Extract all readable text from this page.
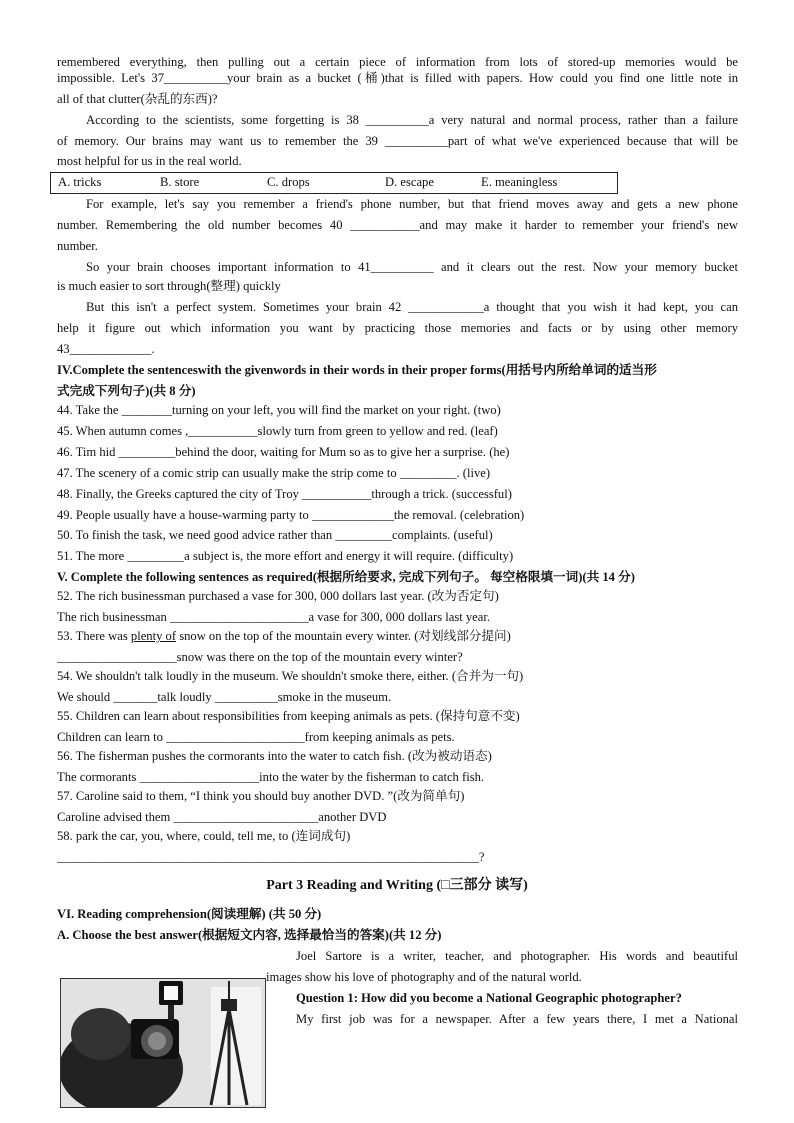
remembered everything, then pulling out a certain piece of information from lots of stored-up memories would be
impossible. Let's 37__________your brain as a bucket (桶)that is filled with papers. How could you find one little note in
all of that clutter(杂乱的东西)?
According to the scientists, some forgetting is 38 __________a very natural and normal process, rather than a failure
of memory. Our brains may want us to remember the 39 __________part of what we've experienced because that will be
most helpful for us in the real world.
A. tricks	B. store	C. drops	D. escape	E. meaningless
For example, let's say you remember a friend's phone number, but that friend moves away and gets a new phone
number. Remembering the old number becomes 40 ___________and may make it harder to remember your friend's new
number.
So your brain chooses important information to 41__________ and it clears out the rest. Now your memory bucket
is much easier to sort through(整理) quickly
But this isn't a perfect system. Sometimes your brain 42 ____________a thought that you wish it had kept, you can
help it figure out which information you want by practicing those memories and facts or by using other memory
43_____________.
IV.Complete the sentenceswith the givenwords in their words in their proper forms(用括号内所给单词的适当形
式完成下列句子)(共 8 分)
44. Take the ________turning on your left, you will find the market on your right. (two)
45. When autumn comes ,___________slowly turn from green to yellow and red. (leaf)
46. Tim hid _________behind the door, waiting for Mum so as to give her a surprise. (he)
47. The scenery of a comic strip can usually make the strip come to _________. (live)
48. Finally, the Greeks captured the city of Troy ___________through a trick. (successful)
49. People usually have a house-warming party to _____________the removal. (celebration)
50. To finish the task, we need good advice rather than _________complaints. (useful)
51. The more _________a subject is, the more effort and energy it will require. (difficulty)
V. Complete the following sentences as required(根据所给要求, 完成下列句子。 每空格限填一词)(共 14 分)
52. The rich businessman purchased a vase for 300, 000 dollars last year. (改为否定句)
The rich businessman ______________________a vase for 300, 000 dollars last year.
53. There was plenty of snow on the top of the mountain every winter. (对划线部分提问)
___________________snow was there on the top of the mountain every winter?
54. We shouldn't talk loudly in the museum. We shouldn't smoke there, either. (合并为一句)
We should _______talk loudly __________smoke in the museum.
55. Children can learn about responsibilities from keeping animals as pets. (保持句意不变)
Children can learn to ______________________from keeping animals as pets.
56. The fisherman pushes the cormorants into the water to catch fish. (改为被动语态)
The cormorants ___________________into the water by the fisherman to catch fish.
57. Caroline said to them, “I think you should buy another DVD. ”(改为简单句)
Caroline advised them _______________________another DVD
58. park the car, you, where, could, tell me, to (连词成句)
___________________________________________________________________?
Part 3 Reading and Writing (□三部分 读写)
VI. Reading comprehension(阅读理解) (共 50 分)
A. Choose the best answer(根据短文内容, 选择最恰当的答案)(共 12 分)
Joel Sartore is a writer, teacher, and photographer. His words and beautiful
images show his love of photography and of the natural world.
Question 1: How did you become a National Geographic photographer?
My first job was for a newspaper. After a few years there, I met a National
